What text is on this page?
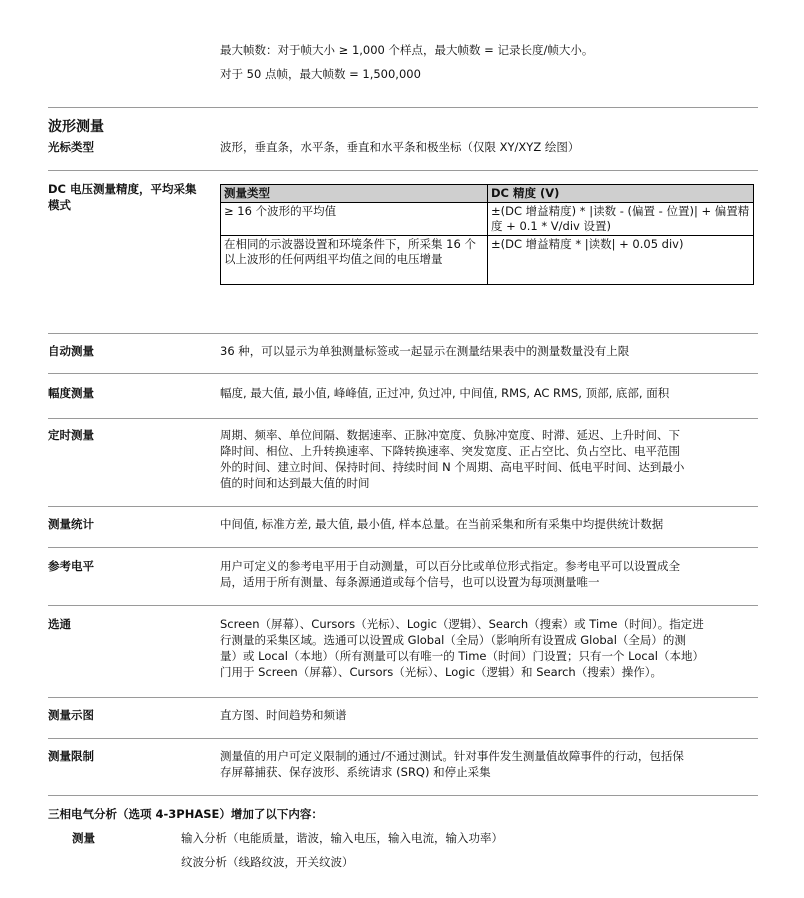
最大帧数：对于帧大小 ≥ 1,000 个样点，最大帧数 = 记录长度/帧大小。
对于 50 点帧，最大帧数 = 1,500,000
波形测量
光标类型	波形，垂直条，水平条，垂直和水平条和极坐标（仅限 XY/XYZ 绘图）
DC 电压测量精度，平均采集
模式
测量类型	DC 精度 (V)
≥ 16 个波形的平均值	±(DC 增益精度) * |读数 - (偏置 - 位置)| + 偏置精度 + 0.1 * V/div 设置)
在相同的示波器设置和环境条件下，所采集 16 个以上波形的任何两组平均值之间的电压增量	±(DC 增益精度 * |读数| + 0.05 div)
自动测量	36 种，可以显示为单独测量标签或一起显示在测量结果表中的测量数量没有上限
幅度测量	幅度, 最大值, 最小值, 峰峰值, 正过冲, 负过冲, 中间值, RMS, AC RMS, 顶部, 底部, 面积
定时测量	周期、频率、单位间隔、数据速率、正脉冲宽度、负脉冲宽度、时滞、延迟、上升时间、下
降时间、相位、上升转换速率、下降转换速率、突发宽度、正占空比、负占空比、电平范围
外的时间、建立时间、保持时间、持续时间 N 个周期、高电平时间、低电平时间、达到最小
值的时间和达到最大值的时间
测量统计	中间值, 标准方差, 最大值, 最小值, 样本总量。在当前采集和所有采集中均提供统计数据
参考电平	用户可定义的参考电平用于自动测量，可以百分比或单位形式指定。参考电平可以设置成全
局，适用于所有测量、每条源通道或每个信号，也可以设置为每项测量唯一
选通	Screen（屏幕）、Cursors（光标）、Logic（逻辑）、Search（搜索）或 Time（时间）。指定进
行测量的采集区域。选通可以设置成 Global（全局）（影响所有设置成 Global（全局）的测
量）或 Local（本地）（所有测量可以有唯一的 Time（时间）门设置；只有一个 Local（本地）
门用于 Screen（屏幕）、Cursors（光标）、Logic（逻辑）和 Search（搜索）操作）。
测量示图	直方图、时间趋势和频谱
测量限制	测量值的用户可定义限制的通过/不通过测试。针对事件发生测量值故障事件的行动，包括保
存屏幕捕获、保存波形、系统请求 (SRQ) 和停止采集
三相电气分析（选项 4-3PHASE）增加了以下内容：
测量	输入分析（电能质量，谐波，输入电压，输入电流，输入功率）
纹波分析（线路纹波，开关纹波）
